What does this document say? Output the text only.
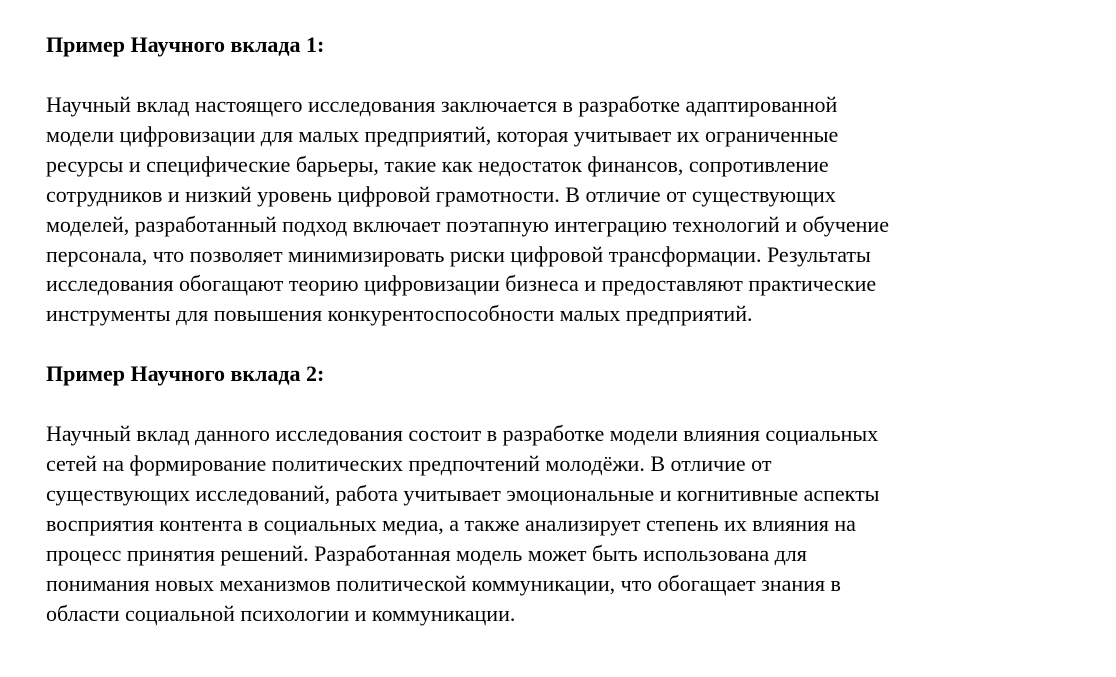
Пример Научного вклада 1:

Научный вклад настоящего исследования заключается в разработке адаптированной
модели цифровизации для малых предприятий, которая учитывает их ограниченные
ресурсы и специфические барьеры, такие как недостаток финансов, сопротивление
сотрудников и низкий уровень цифровой грамотности. В отличие от существующих
моделей, разработанный подход включает поэтапную интеграцию технологий и обучение
персонала, что позволяет минимизировать риски цифровой трансформации. Результаты
исследования обогащают теорию цифровизации бизнеса и предоставляют практические
инструменты для повышения конкурентоспособности малых предприятий.

Пример Научного вклада 2:

Научный вклад данного исследования состоит в разработке модели влияния социальных
сетей на формирование политических предпочтений молодёжи. В отличие от
существующих исследований, работа учитывает эмоциональные и когнитивные аспекты
восприятия контента в социальных медиа, а также анализирует степень их влияния на
процесс принятия решений. Разработанная модель может быть использована для
понимания новых механизмов политической коммуникации, что обогащает знания в
области социальной психологии и коммуникации.
